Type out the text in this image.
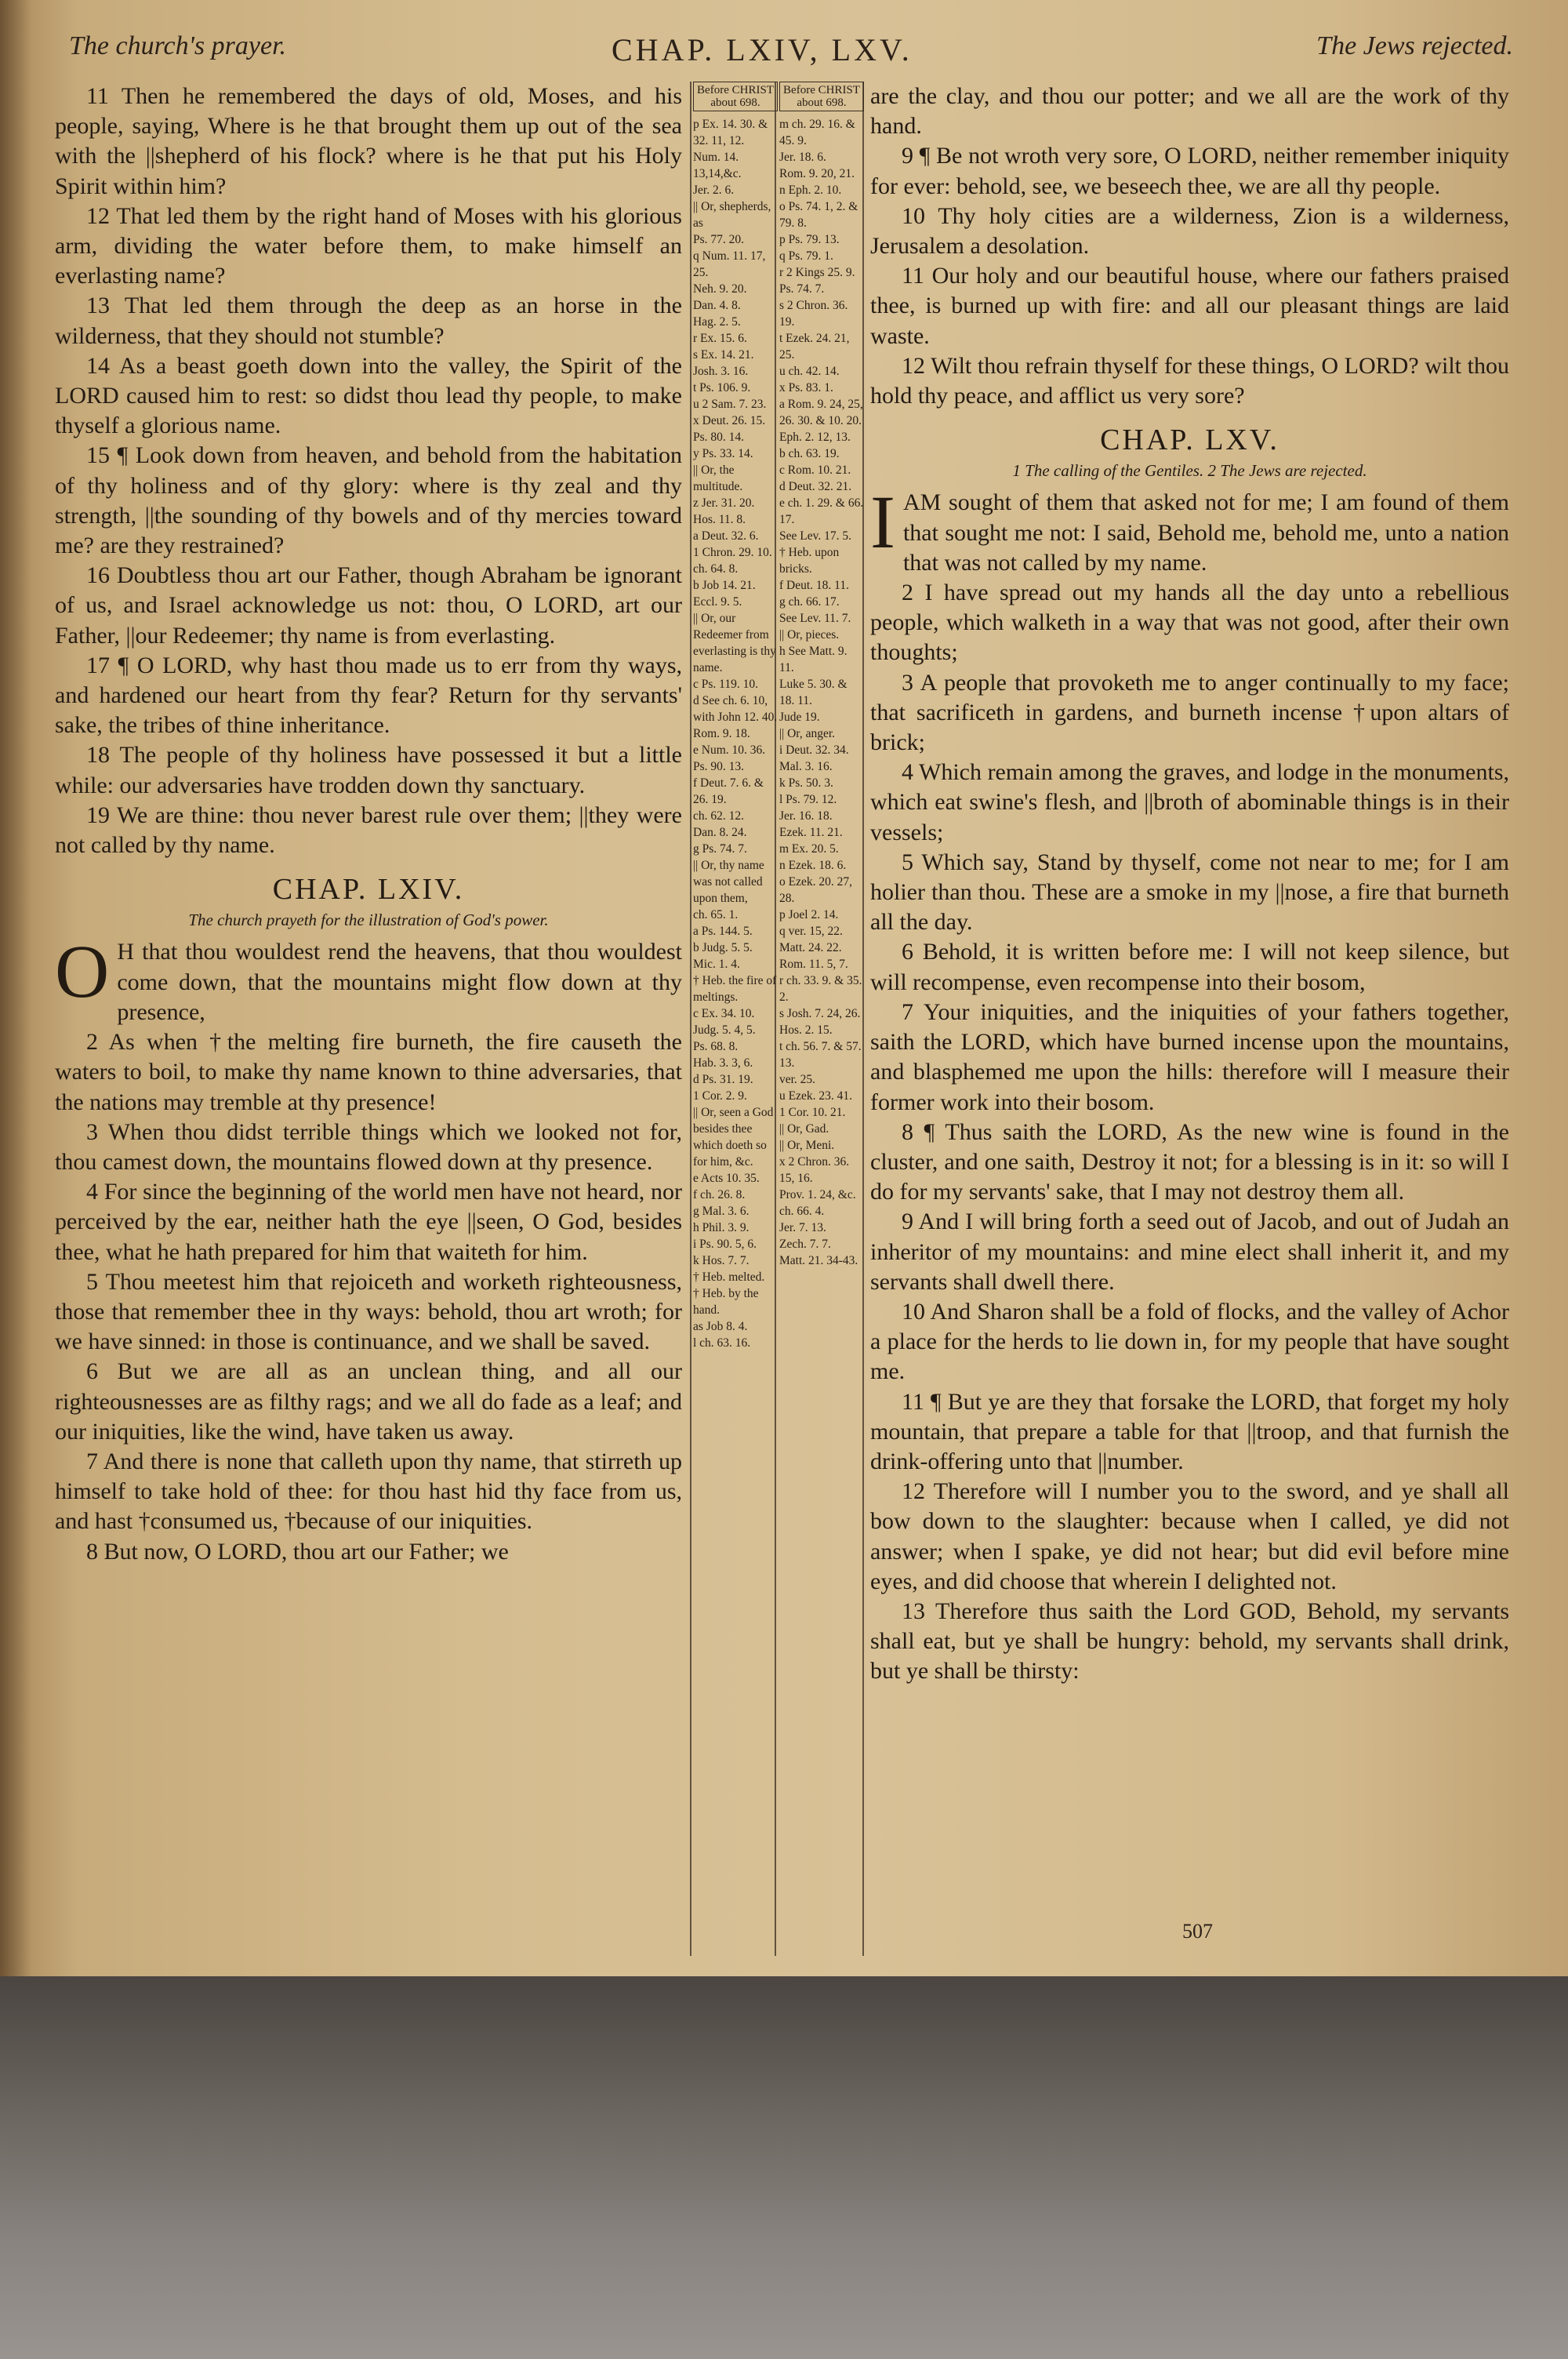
The church's prayer.	CHAP. LXIV, LXV.	The Jews rejected.

11 Then he remembered the days of old, Moses, and his people, saying, Where is he that brought them up out of the sea with the ||shepherd of his flock? where is he that put his Holy Spirit within him?

12 That led them by the right hand of Moses with his glorious arm, dividing the water before them, to make himself an everlasting name?

13 That led them through the deep as an horse in the wilderness, that they should not stumble?

14 As a beast goeth down into the valley, the Spirit of the LORD caused him to rest: so didst thou lead thy people, to make thyself a glorious name.

15 ¶ Look down from heaven, and behold from the habitation of thy holiness and of thy glory: where is thy zeal and thy strength, ||the sounding of thy bowels and of thy mercies toward me? are they restrained?

16 Doubtless thou art our Father, though Abraham be ignorant of us, and Israel acknowledge us not: thou, O LORD, art our Father, ||our Redeemer; thy name is from everlasting.

17 ¶ O LORD, why hast thou made us to err from thy ways, and hardened our heart from thy fear? Return for thy servants' sake, the tribes of thine inheritance.

18 The people of thy holiness have possessed it but a little while: our adversaries have trodden down thy sanctuary.

19 We are thine: thou never barest rule over them; ||they were not called by thy name.

CHAP. LXIV.
The church prayeth for the illustration of God's power.

O H that thou wouldest rend the heavens, that thou wouldest come down, that the mountains might flow down at thy presence,

2 As when †the melting fire burneth, the fire causeth the waters to boil, to make thy name known to thine adversaries, that the nations may tremble at thy presence!

3 When thou didst terrible things which we looked not for, thou camest down, the mountains flowed down at thy presence.

4 For since the beginning of the world men have not heard, nor perceived by the ear, neither hath the eye ||seen, O God, besides thee, what he hath prepared for him that waiteth for him.

5 Thou meetest him that rejoiceth and worketh righteousness, those that remember thee in thy ways: behold, thou art wroth; for we have sinned: in those is continuance, and we shall be saved.

6 But we are all as an unclean thing, and all our righteousnesses are as filthy rags; and we all do fade as a leaf; and our iniquities, like the wind, have taken us away.

7 And there is none that calleth upon thy name, that stirreth up himself to take hold of thee: for thou hast hid thy face from us, and hast †consumed us, †because of our iniquities.

8 But now, O LORD, thou art our Father; we

Before CHRIST about 698.
p Ex. 14. 30. & 32. 11, 12.
Num. 14. 13,14,&c.
Jer. 2. 6.
|| Or, shepherds, as
Ps. 77. 20.
q Num. 11. 17, 25.
Neh. 9. 20.
Dan. 4. 8.
Hag. 2. 5.
r Ex. 15. 6.
s Ex. 14. 21.
Josh. 3. 16.
t Ps. 106. 9.
u 2 Sam. 7. 23.
x Deut. 26. 15.
Ps. 80. 14.
y Ps. 33. 14.
|| Or, the multitude.
z Jer. 31. 20.
Hos. 11. 8.
a Deut. 32. 6.
1 Chron. 29. 10.
ch. 64. 8.
b Job 14. 21.
Eccl. 9. 5.
|| Or, our Redeemer from everlasting is thy name.
c Ps. 119. 10.
d See ch. 6. 10, with John 12. 40.
Rom. 9. 18.
e Num. 10. 36.
Ps. 90. 13.
f Deut. 7. 6. & 26. 19.
ch. 62. 12.
Dan. 8. 24.
g Ps. 74. 7.
|| Or, thy name was not called upon them,
ch. 65. 1.
a Ps. 144. 5.
b Judg. 5. 5.
Mic. 1. 4.
† Heb. the fire of meltings.
c Ex. 34. 10.
Judg. 5. 4, 5.
Ps. 68. 8.
Hab. 3. 3, 6.
d Ps. 31. 19.
1 Cor. 2. 9.
|| Or, seen a God besides thee which doeth so for him, &c.
e Acts 10. 35.
f ch. 26. 8.
g Mal. 3. 6.
h Phil. 3. 9.
i Ps. 90. 5, 6.
k Hos. 7. 7.
† Heb. melted.
† Heb. by the hand.
as Job 8. 4.
l ch. 63. 16.
Before CHRIST about 698.
m ch. 29. 16. & 45. 9.
Jer. 18. 6.
Rom. 9. 20, 21.
n Eph. 2. 10.
o Ps. 74. 1, 2. & 79. 8.
p Ps. 79. 13.
q Ps. 79. 1.
r 2 Kings 25. 9.
Ps. 74. 7.
s 2 Chron. 36. 19.
t Ezek. 24. 21, 25.
u ch. 42. 14.
x Ps. 83. 1.
a Rom. 9. 24, 25, 26. 30. & 10. 20.
Eph. 2. 12, 13.
b ch. 63. 19.
c Rom. 10. 21.
d Deut. 32. 21.
e ch. 1. 29. & 66. 17.
See Lev. 17. 5.
† Heb. upon bricks.
f Deut. 18. 11.
g ch. 66. 17.
See Lev. 11. 7.
|| Or, pieces.
h See Matt. 9. 11.
Luke 5. 30. & 18. 11.
Jude 19.
|| Or, anger.
i Deut. 32. 34.
Mal. 3. 16.
k Ps. 50. 3.
l Ps. 79. 12.
Jer. 16. 18.
Ezek. 11. 21.
m Ex. 20. 5.
n Ezek. 18. 6.
o Ezek. 20. 27, 28.
p Joel 2. 14.
q ver. 15, 22.
Matt. 24. 22.
Rom. 11. 5, 7.
r ch. 33. 9. & 35. 2.
s Josh. 7. 24, 26.
Hos. 2. 15.
t ch. 56. 7. & 57. 13.
ver. 25.
u Ezek. 23. 41.
1 Cor. 10. 21.
|| Or, Gad.
|| Or, Meni.
x 2 Chron. 36. 15, 16.
Prov. 1. 24, &c.
ch. 66. 4.
Jer. 7. 13.
Zech. 7. 7.
Matt. 21. 34-43.

are the clay, and thou our potter; and we all are the work of thy hand.

9 ¶ Be not wroth very sore, O LORD, neither remember iniquity for ever: behold, see, we beseech thee, we are all thy people.

10 Thy holy cities are a wilderness, Zion is a wilderness, Jerusalem a desolation.

11 Our holy and our beautiful house, where our fathers praised thee, is burned up with fire: and all our pleasant things are laid waste.

12 Wilt thou refrain thyself for these things, O LORD? wilt thou hold thy peace, and afflict us very sore?

CHAP. LXV.
1 The calling of the Gentiles. 2 The Jews are rejected.

IAM sought of them that asked not for me; I am found of them that sought me not: I said, Behold me, behold me, unto a nation that was not called by my name.

2 I have spread out my hands all the day unto a rebellious people, which walketh in a way that was not good, after their own thoughts;

3 A people that provoketh me to anger continually to my face; that sacrificeth in gardens, and burneth incense †upon altars of brick;

4 Which remain among the graves, and lodge in the monuments, which eat swine's flesh, and ||broth of abominable things is in their vessels;

5 Which say, Stand by thyself, come not near to me; for I am holier than thou. These are a smoke in my ||nose, a fire that burneth all the day.

6 Behold, it is written before me: I will not keep silence, but will recompense, even recompense into their bosom,

7 Your iniquities, and the iniquities of your fathers together, saith the LORD, which have burned incense upon the mountains, and blasphemed me upon the hills: therefore will I measure their former work into their bosom.

8 ¶ Thus saith the LORD, As the new wine is found in the cluster, and one saith, Destroy it not; for a blessing is in it: so will I do for my servants' sake, that I may not destroy them all.

9 And I will bring forth a seed out of Jacob, and out of Judah an inheritor of my mountains: and mine elect shall inherit it, and my servants shall dwell there.

10 And Sharon shall be a fold of flocks, and the valley of Achor a place for the herds to lie down in, for my people that have sought me.

11 ¶ But ye are they that forsake the LORD, that forget my holy mountain, that prepare a table for that ||troop, and that furnish the drink-offering unto that ||number.

12 Therefore will I number you to the sword, and ye shall all bow down to the slaughter: because when I called, ye did not answer; when I spake, ye did not hear; but did evil before mine eyes, and did choose that wherein I delighted not.

13 Therefore thus saith the Lord GOD, Behold, my servants shall eat, but ye shall be hungry: behold, my servants shall drink, but ye shall be thirsty:

507
